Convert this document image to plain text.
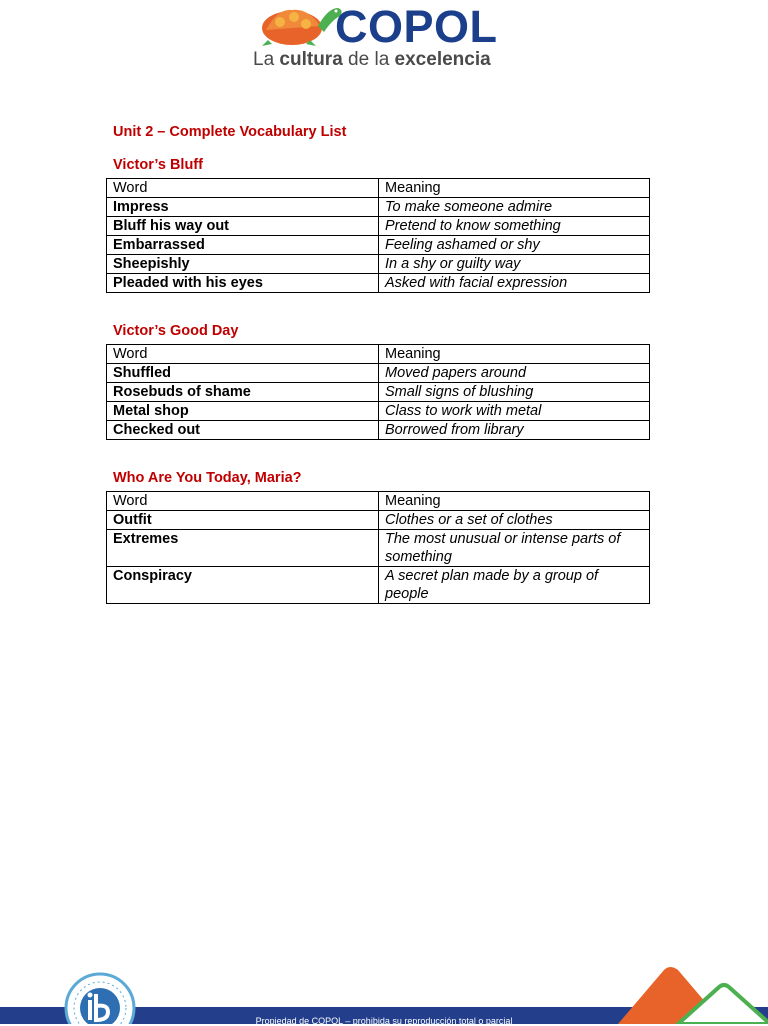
COPOL
La cultura de la excelencia
Unit 2 – Complete Vocabulary List
Victor’s Bluff
Word	Meaning
Impress	To make someone admire
Bluff his way out	Pretend to know something
Embarrassed	Feeling ashamed or shy
Sheepishly	In a shy or guilty way
Pleaded with his eyes	Asked with facial expression
Victor’s Good Day
Word	Meaning
Shuffled	Moved papers around
Rosebuds of shame	Small signs of blushing
Metal shop	Class to work with metal
Checked out	Borrowed from library
Who Are You Today, Maria?
Word	Meaning
Outfit	Clothes or a set of clothes
Extremes	The most unusual or intense parts of something
Conspiracy	A secret plan made by a group of people
Propiedad de COPOL – prohibida su reproducción total o parcial
